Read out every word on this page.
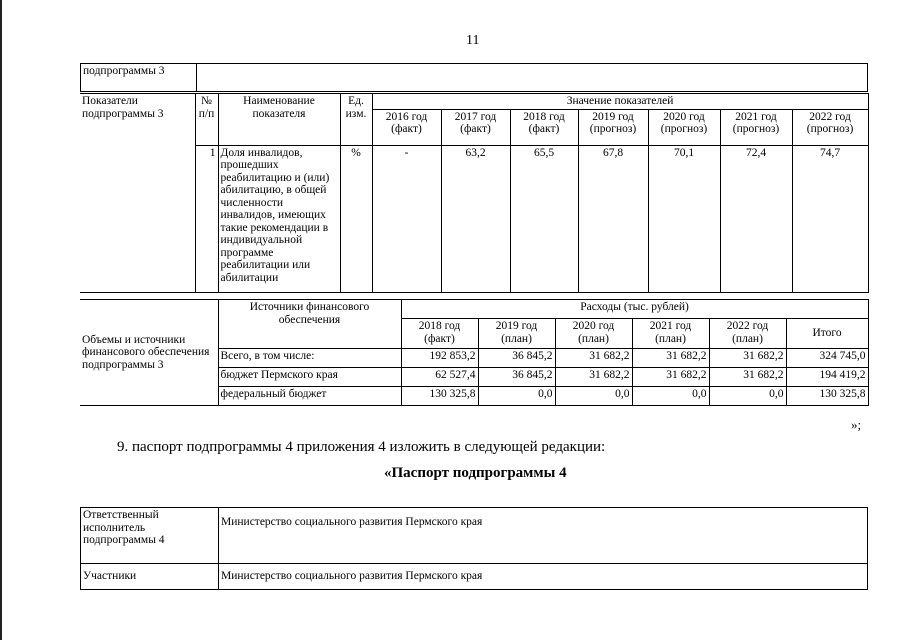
11
подпрограммы 3	
Показатели подпрограммы 3	№ п/п	Наименование показателя	Ед. изм.	Значение показателей						
				2016 год (факт)	2017 год (факт)	2018 год (факт)	2019 год (прогноз)	2020 год (прогноз)	2021 год (прогноз)	2022 год (прогноз)
	1	Доля инвалидов, прошедших реабилитацию и (или) абилитацию, в общей численности инвалидов, имеющих такие рекомендации в индивидуальной программе реабилитации или абилитации	%	-	63,2	65,5	67,8	70,1	72,4	74,7
Объемы и источники финансового обеспечения подпрограммы 3	Источники финансового обеспечения	Расходы (тыс. рублей)					
		2018 год (факт)	2019 год (план)	2020 год (план)	2021 год (план)	2022 год (план)	Итого
	Всего, в том числе:	192 853,2	36 845,2	31 682,2	31 682,2	31 682,2	324 745,0
	бюджет Пермского края	62 527,4	36 845,2	31 682,2	31 682,2	31 682,2	194 419,2
	федеральный бюджет	130 325,8	0,0	0,0	0,0	0,0	130 325,8
»;
9. паспорт подпрограммы 4 приложения 4 изложить в следующей редакции:
«Паспорт подпрограммы 4
Ответственный исполнитель подпрограммы 4	Министерство социального развития Пермского края
Участники	Министерство социального развития Пермского края
